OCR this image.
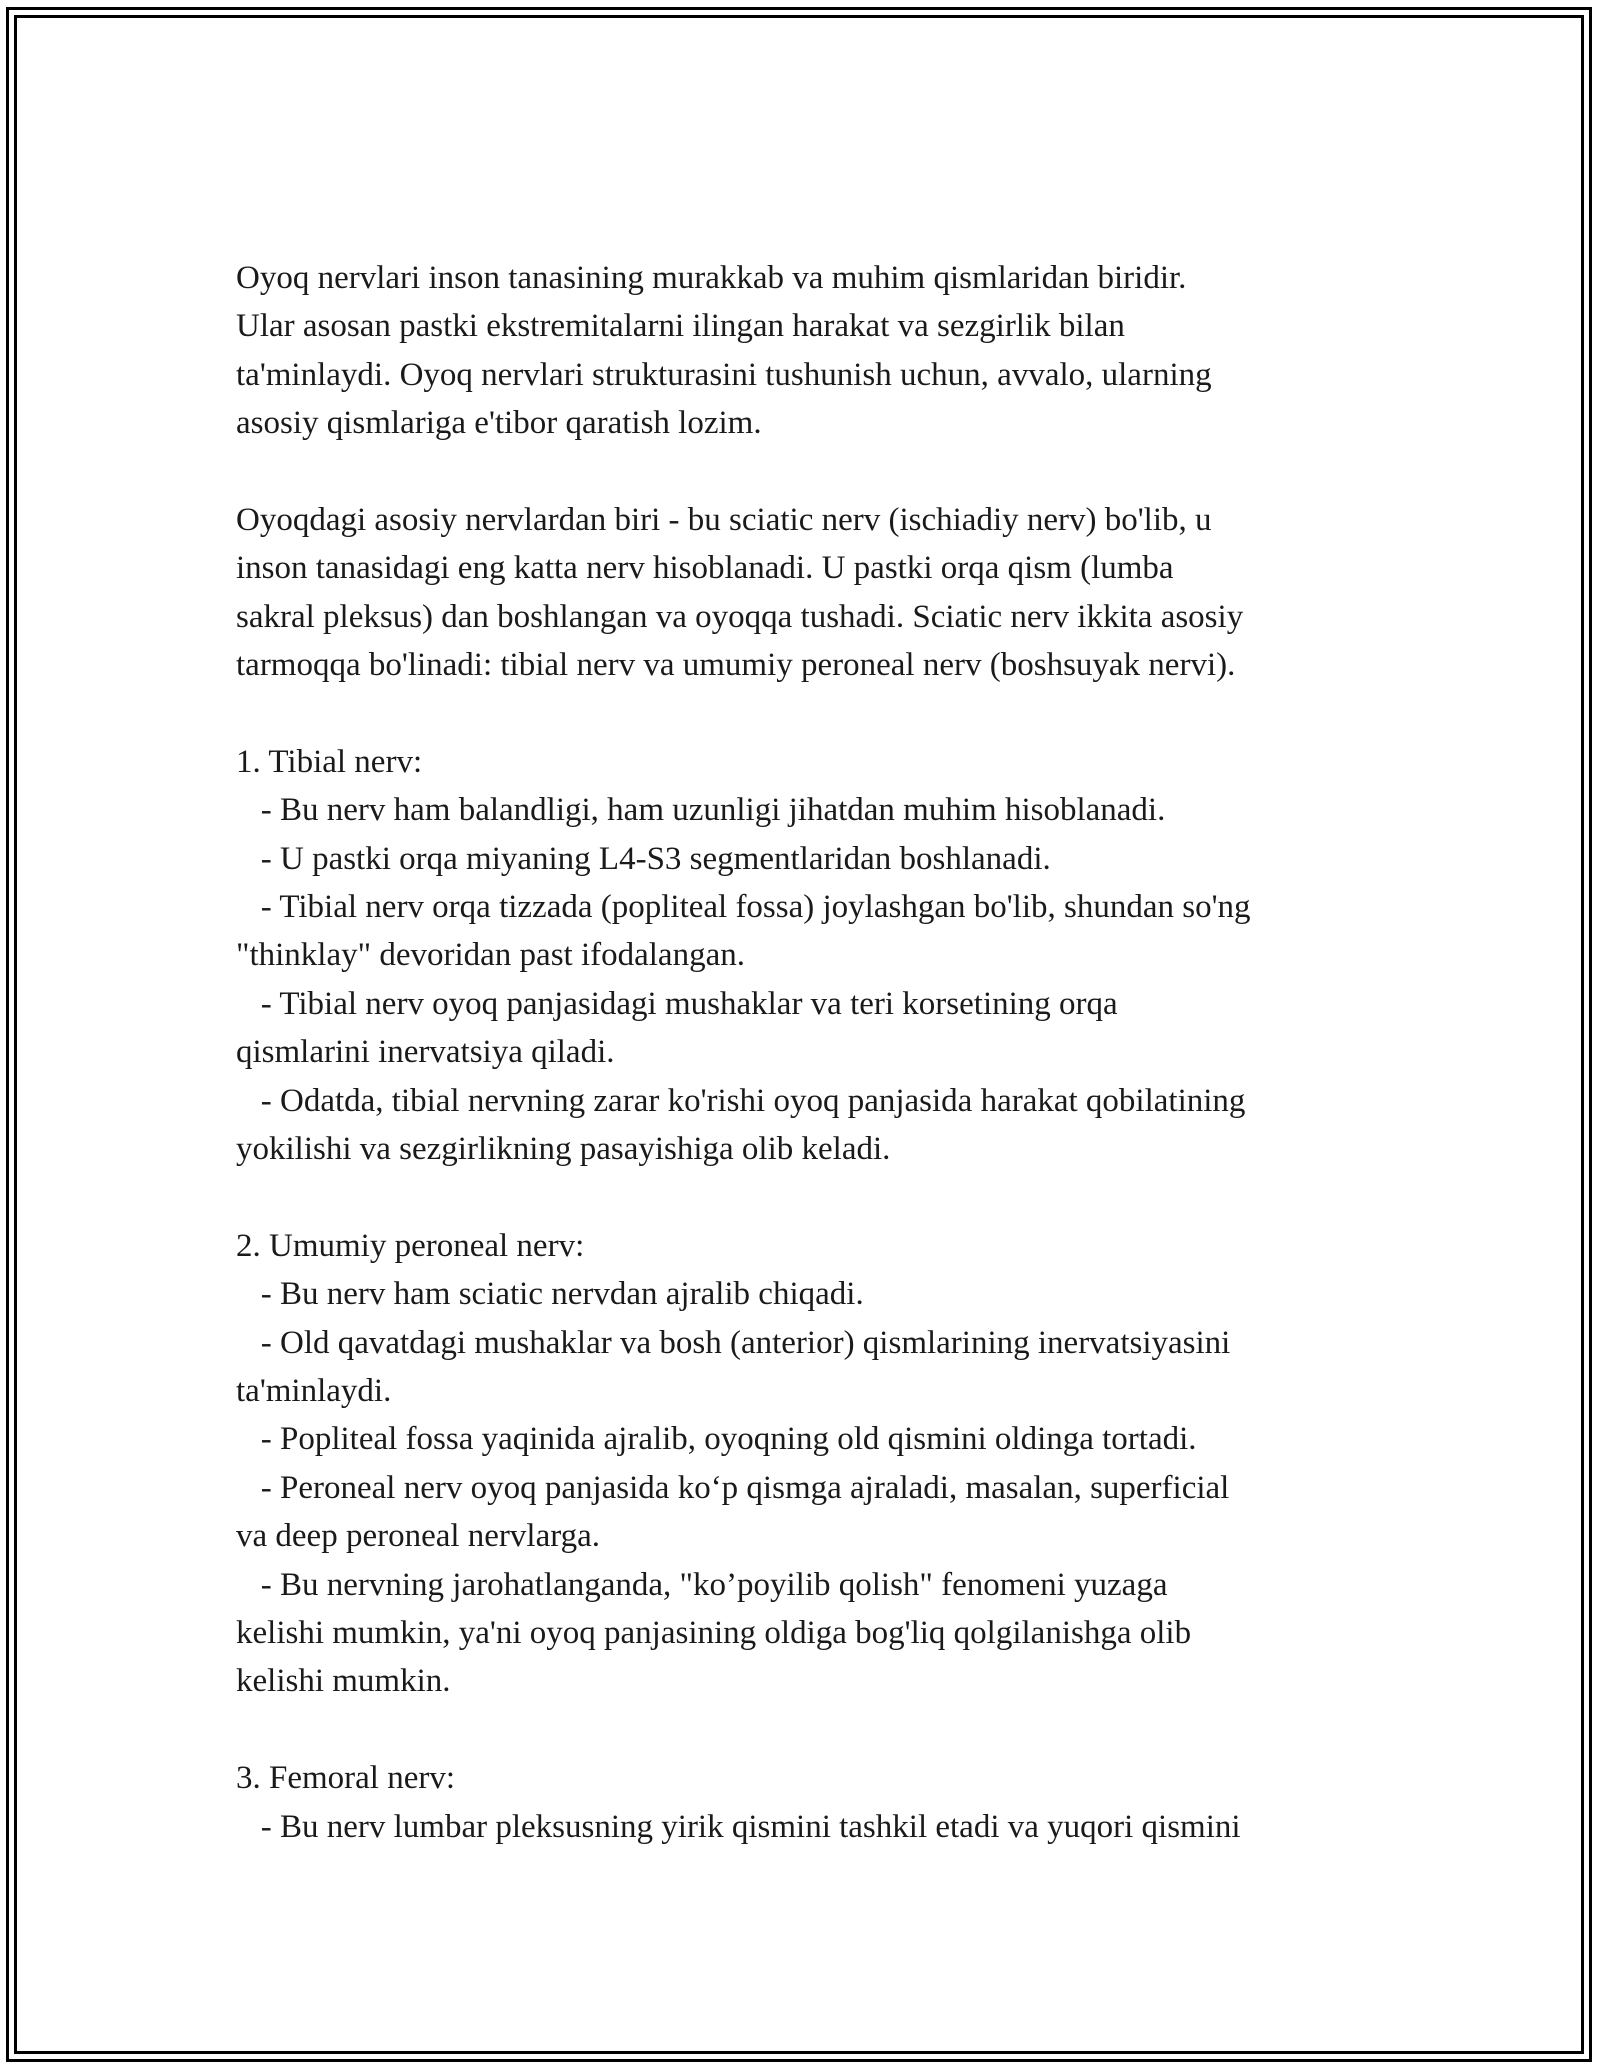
Oyoq nervlari inson tanasining murakkab va muhim qismlaridan biridir.
Ular asosan pastki ekstremitalarni ilingan harakat va sezgirlik bilan
ta'minlaydi. Oyoq nervlari strukturasini tushunish uchun, avvalo, ularning
asosiy qismlariga e'tibor qaratish lozim.
Oyoqdagi asosiy nervlardan biri - bu sciatic nerv (ischiadiy nerv) bo'lib, u
inson tanasidagi eng katta nerv hisoblanadi. U pastki orqa qism (lumba
sakral pleksus) dan boshlangan va oyoqqa tushadi. Sciatic nerv ikkita asosiy
tarmoqqa bo'linadi: tibial nerv va umumiy peroneal nerv (boshsuyak nervi).
1. Tibial nerv:
- Bu nerv ham balandligi, ham uzunligi jihatdan muhim hisoblanadi.
- U pastki orqa miyaning L4-S3 segmentlaridan boshlanadi.
- Tibial nerv orqa tizzada (popliteal fossa) joylashgan bo'lib, shundan so'ng
"thinklay" devoridan past ifodalangan.
- Tibial nerv oyoq panjasidagi mushaklar va teri korsetining orqa
qismlarini inervatsiya qiladi.
- Odatda, tibial nervning zarar ko'rishi oyoq panjasida harakat qobilatining
yokilishi va sezgirlikning pasayishiga olib keladi.
2. Umumiy peroneal nerv:
- Bu nerv ham sciatic nervdan ajralib chiqadi.
- Old qavatdagi mushaklar va bosh (anterior) qismlarining inervatsiyasini
ta'minlaydi.
- Popliteal fossa yaqinida ajralib, oyoqning old qismini oldinga tortadi.
- Peroneal nerv oyoq panjasida ko‘p qismga ajraladi, masalan, superficial
va deep peroneal nervlarga.
- Bu nervning jarohatlanganda, "ko’poyilib qolish" fenomeni yuzaga
kelishi mumkin, ya'ni oyoq panjasining oldiga bog'liq qolgilanishga olib
kelishi mumkin.
3. Femoral nerv:
- Bu nerv lumbar pleksusning yirik qismini tashkil etadi va yuqori qismini
